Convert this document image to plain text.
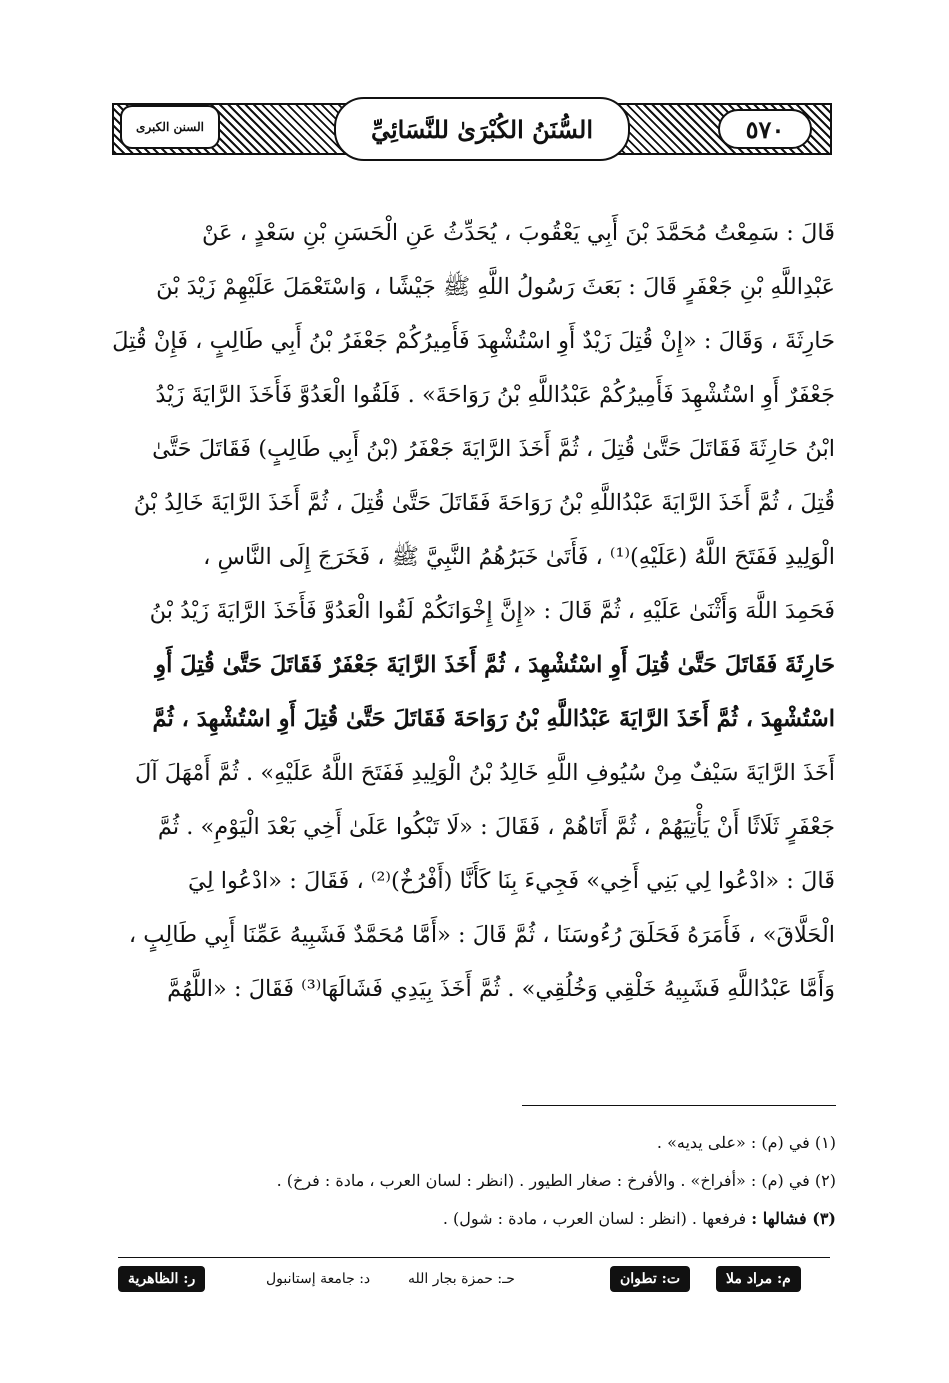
السنن الكبرى	السُّنَنُ الكُبْرَىٰ للنَّسَائِيِّ	٥٧٠
قَالَ : سَمِعْتُ مُحَمَّدَ بْنَ أَبِي يَعْقُوبَ ، يُحَدِّثُ عَنِ الْحَسَنِ بْنِ سَعْدٍ ، عَنْ
عَبْدِاللَّهِ بْنِ جَعْفَرٍ قَالَ : بَعَثَ رَسُولُ اللَّهِ ﷺ جَيْشًا ، وَاسْتَعْمَلَ عَلَيْهِمْ زَيْدَ بْنَ
حَارِثَةَ ، وَقَالَ : «إِنْ قُتِلَ زَيْدٌ أَوِ اسْتُشْهِدَ فَأَمِيرُكُمْ جَعْفَرُ بْنُ أَبِي طَالِبٍ ، فَإِنْ قُتِلَ
جَعْفَرٌ أَوِ اسْتُشْهِدَ فَأَمِيرُكُمْ عَبْدُاللَّهِ بْنُ رَوَاحَةَ» . فَلَقُوا الْعَدُوَّ فَأَخَذَ الرَّايَةَ زَيْدُ
ابْنُ حَارِثَةَ فَقَاتَلَ حَتَّىٰ قُتِلَ ، ثُمَّ أَخَذَ الرَّايَةَ جَعْفَرُ (بْنُ أَبِي طَالِبٍ) فَقَاتَلَ حَتَّىٰ
قُتِلَ ، ثُمَّ أَخَذَ الرَّايَةَ عَبْدُاللَّهِ بْنُ رَوَاحَةَ فَقَاتَلَ حَتَّىٰ قُتِلَ ، ثُمَّ أَخَذَ الرَّايَةَ خَالِدُ بْنُ
الْوَلِيدِ فَفَتَحَ اللَّهُ (عَلَيْهِ)⁽¹⁾ ، فَأَتَىٰ خَبَرُهُمُ النَّبِيَّ ﷺ ، فَخَرَجَ إِلَى النَّاسِ ،
فَحَمِدَ اللَّهَ وَأَثْنَىٰ عَلَيْهِ ، ثُمَّ قَالَ : «إِنَّ إِخْوَانَكُمْ لَقُوا الْعَدُوَّ فَأَخَذَ الرَّايَةَ زَيْدُ بْنُ
حَارِثَةَ فَقَاتَلَ حَتَّىٰ قُتِلَ أَوِ اسْتُشْهِدَ ، ثُمَّ أَخَذَ الرَّايَةَ جَعْفَرٌ فَقَاتَلَ حَتَّىٰ قُتِلَ أَوِ
اسْتُشْهِدَ ، ثُمَّ أَخَذَ الرَّايَةَ عَبْدُاللَّهِ بْنُ رَوَاحَةَ فَقَاتَلَ حَتَّىٰ قُتِلَ أَوِ اسْتُشْهِدَ ، ثُمَّ
أَخَذَ الرَّايَةَ سَيْفٌ مِنْ سُيُوفِ اللَّهِ خَالِدُ بْنُ الْوَلِيدِ فَفَتَحَ اللَّهُ عَلَيْهِ» . ثُمَّ أَمْهَلَ آلَ
جَعْفَرٍ ثَلَاثًا أَنْ يَأْتِيَهُمْ ، ثُمَّ أَتَاهُمْ ، فَقَالَ : «لَا تَبْكُوا عَلَىٰ أَخِي بَعْدَ الْيَوْمِ» . ثُمَّ
قَالَ : «ادْعُوا لِي بَنِي أَخِي» فَجِيءَ بِنَا كَأَنَّا (أَفْرُخٌ)⁽²⁾ ، فَقَالَ : «ادْعُوا لِيَ
الْحَلَّاقَ» ، فَأَمَرَهُ فَحَلَقَ رُءُوسَنَا ، ثُمَّ قَالَ : «أَمَّا مُحَمَّدٌ فَشَبِيهُ عَمِّنَا أَبِي طَالِبٍ ،
وَأَمَّا عَبْدُاللَّهِ فَشَبِيهُ خَلْقِي وَخُلُقِي» . ثُمَّ أَخَذَ بِيَدِي فَشَالَهَا⁽³⁾ فَقَالَ : «اللَّهُمَّ
(١) في (م) : «على يديه» .
(٢) في (م) : «أفراخ» . والأفرخ : صغار الطيور . (انظر : لسان العرب ، مادة : فرخ) .
(٣) فشالها : فرفعها . (انظر : لسان العرب ، مادة : شول) .
ر: الظاهرية	د: جامعة إستانبول	حـ: حمزة بجار الله	ت: تطوان	م: مراد ملا
